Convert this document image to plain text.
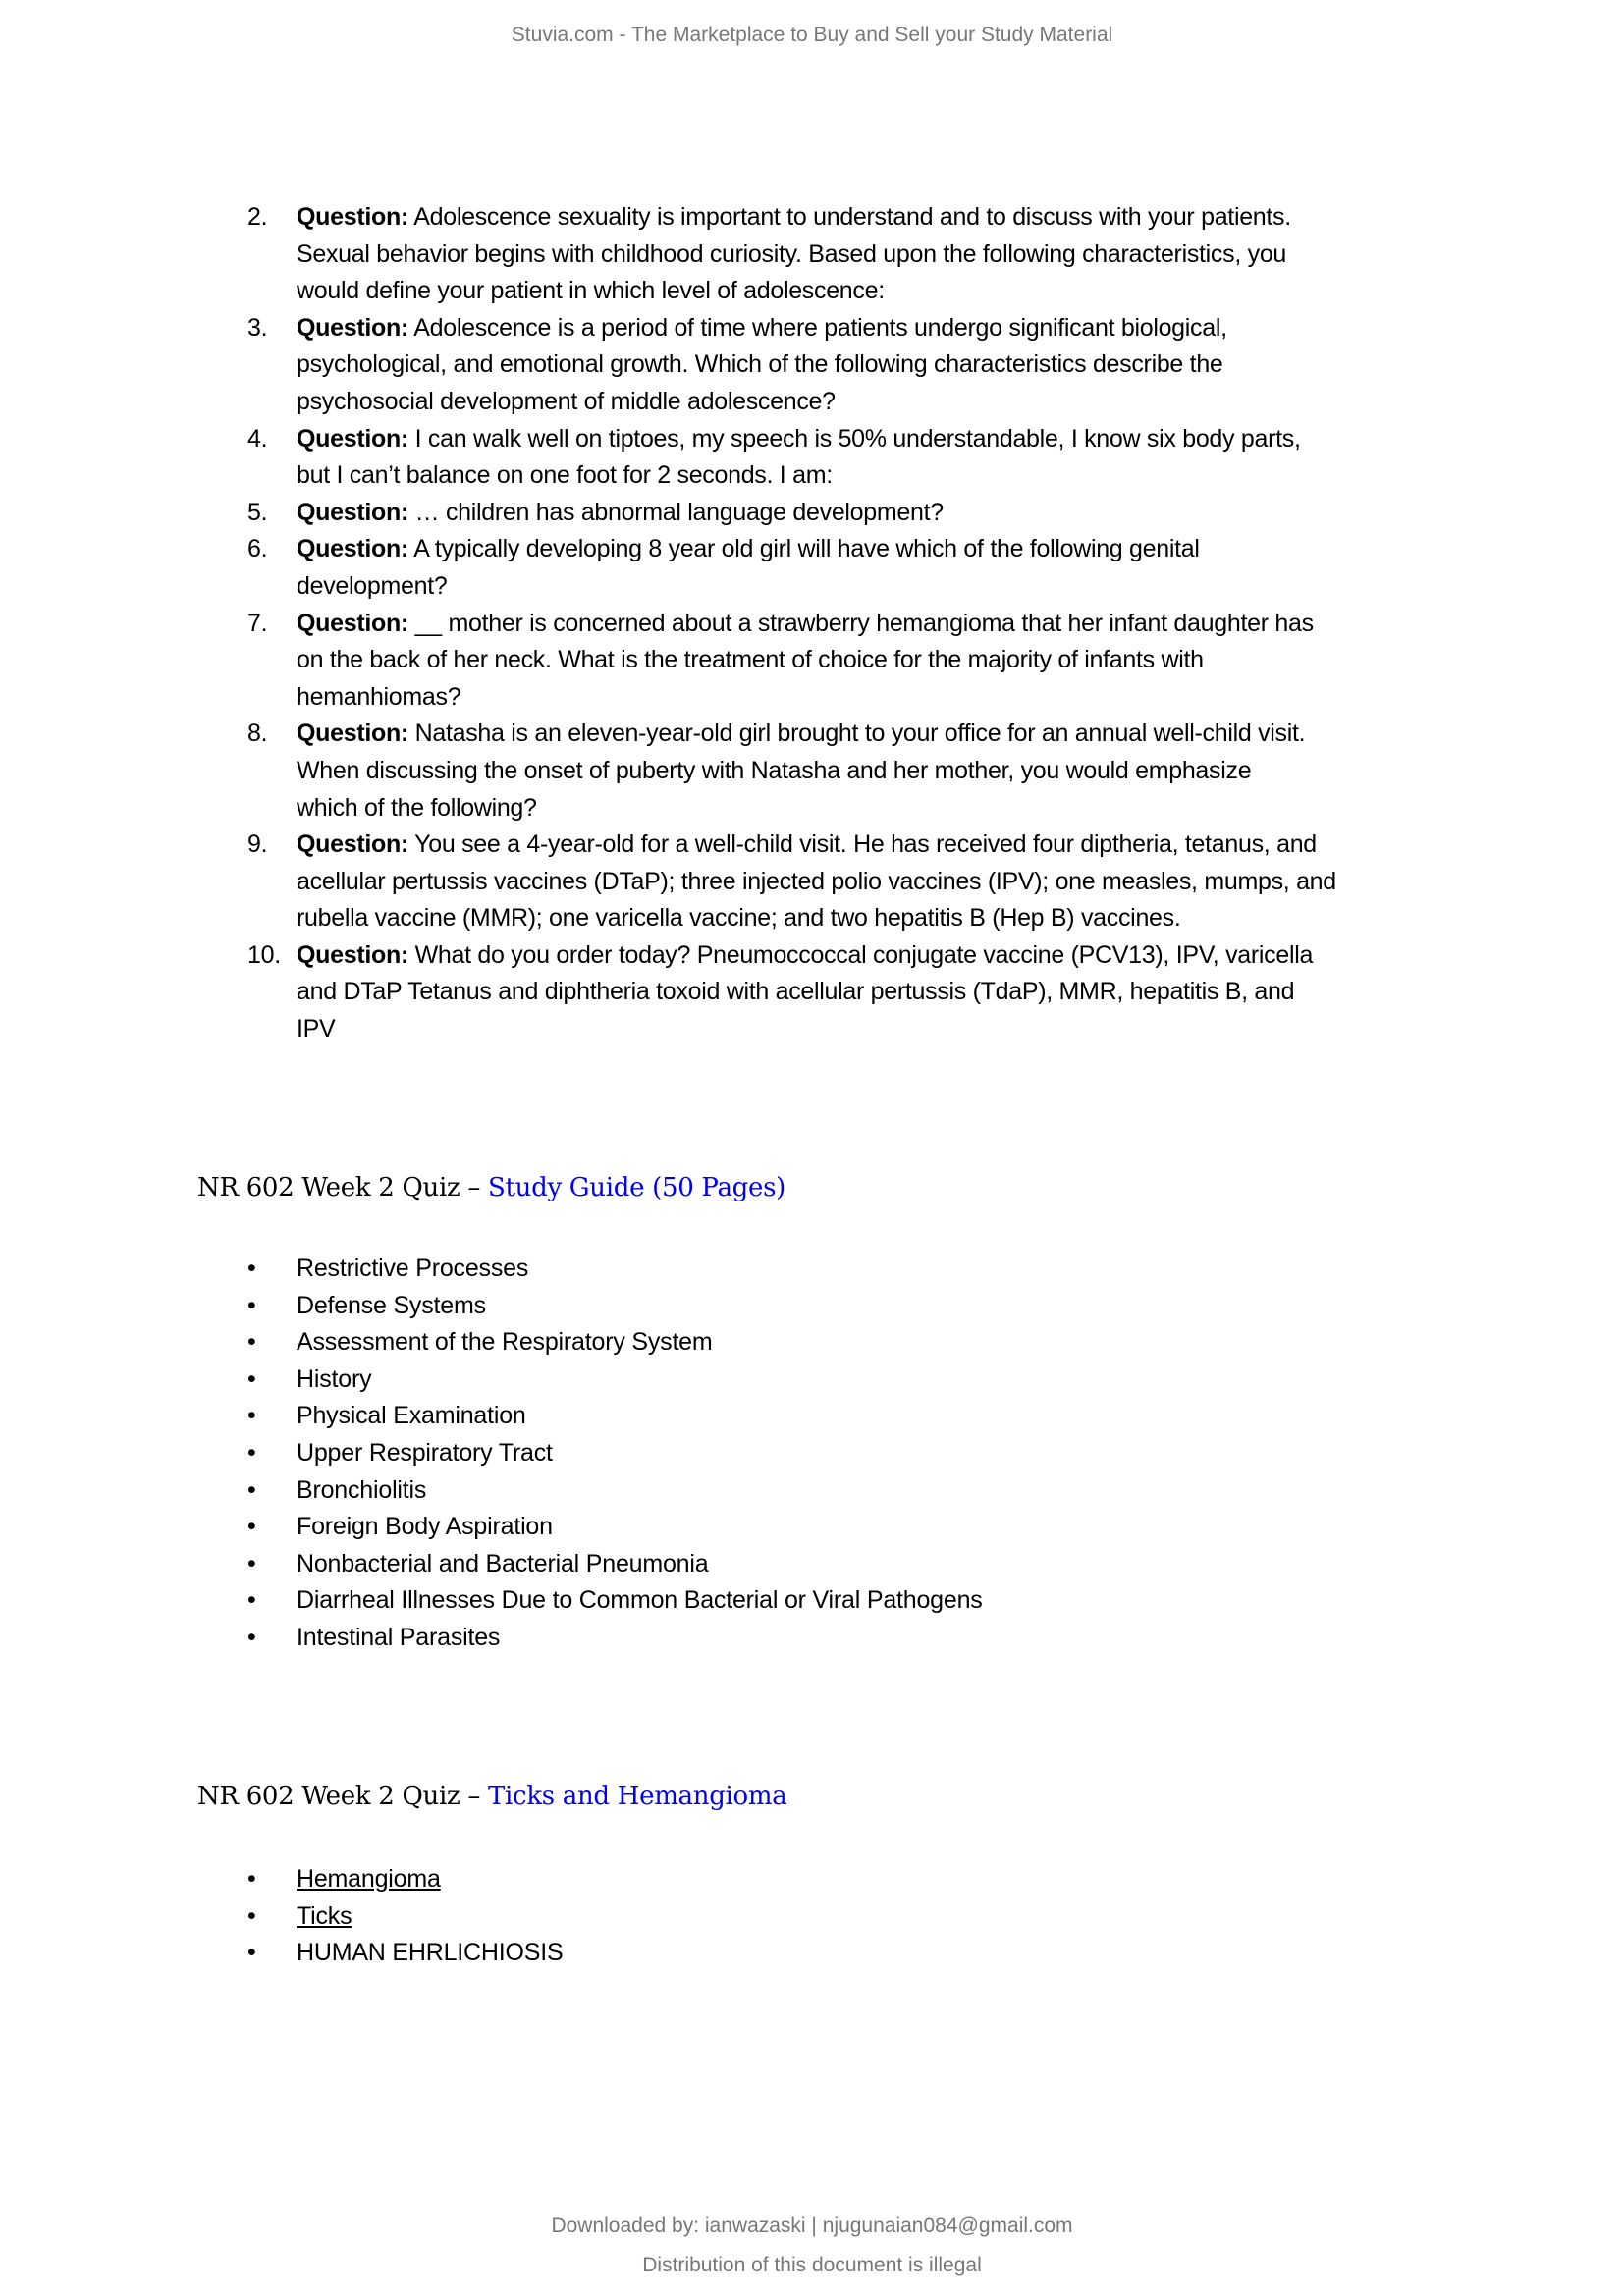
Stuvia.com - The Marketplace to Buy and Sell your Study Material
2. Question: Adolescence sexuality is important to understand and to discuss with your patients.
Sexual behavior begins with childhood curiosity. Based upon the following characteristics, you
would define your patient in which level of adolescence:
3. Question: Adolescence is a period of time where patients undergo significant biological,
psychological, and emotional growth. Which of the following characteristics describe the
psychosocial development of middle adolescence?
4. Question: I can walk well on tiptoes, my speech is 50% understandable, I know six body parts,
but I can’t balance on one foot for 2 seconds. I am:
5. Question: … children has abnormal language development?
6. Question: A typically developing 8 year old girl will have which of the following genital
development?
7. Question: __ mother is concerned about a strawberry hemangioma that her infant daughter has
on the back of her neck. What is the treatment of choice for the majority of infants with
hemanhiomas?
8. Question: Natasha is an eleven-year-old girl brought to your office for an annual well-child visit.
When discussing the onset of puberty with Natasha and her mother, you would emphasize
which of the following?
9. Question: You see a 4-year-old for a well-child visit. He has received four diptheria, tetanus, and
acellular pertussis vaccines (DTaP); three injected polio vaccines (IPV); one measles, mumps, and
rubella vaccine (MMR); one varicella vaccine; and two hepatitis B (Hep B) vaccines.
10. Question: What do you order today? Pneumoccoccal conjugate vaccine (PCV13), IPV, varicella
and DTaP Tetanus and diphtheria toxoid with acellular pertussis (TdaP), MMR, hepatitis B, and
IPV
NR 602 Week 2 Quiz – Study Guide (50 Pages)
• Restrictive Processes
• Defense Systems
• Assessment of the Respiratory System
• History
• Physical Examination
• Upper Respiratory Tract
• Bronchiolitis
• Foreign Body Aspiration
• Nonbacterial and Bacterial Pneumonia
• Diarrheal Illnesses Due to Common Bacterial or Viral Pathogens
• Intestinal Parasites
NR 602 Week 2 Quiz – Ticks and Hemangioma
• Hemangioma
• Ticks
• HUMAN EHRLICHIOSIS
Downloaded by: ianwazaski | njugunaian084@gmail.com
Distribution of this document is illegal
